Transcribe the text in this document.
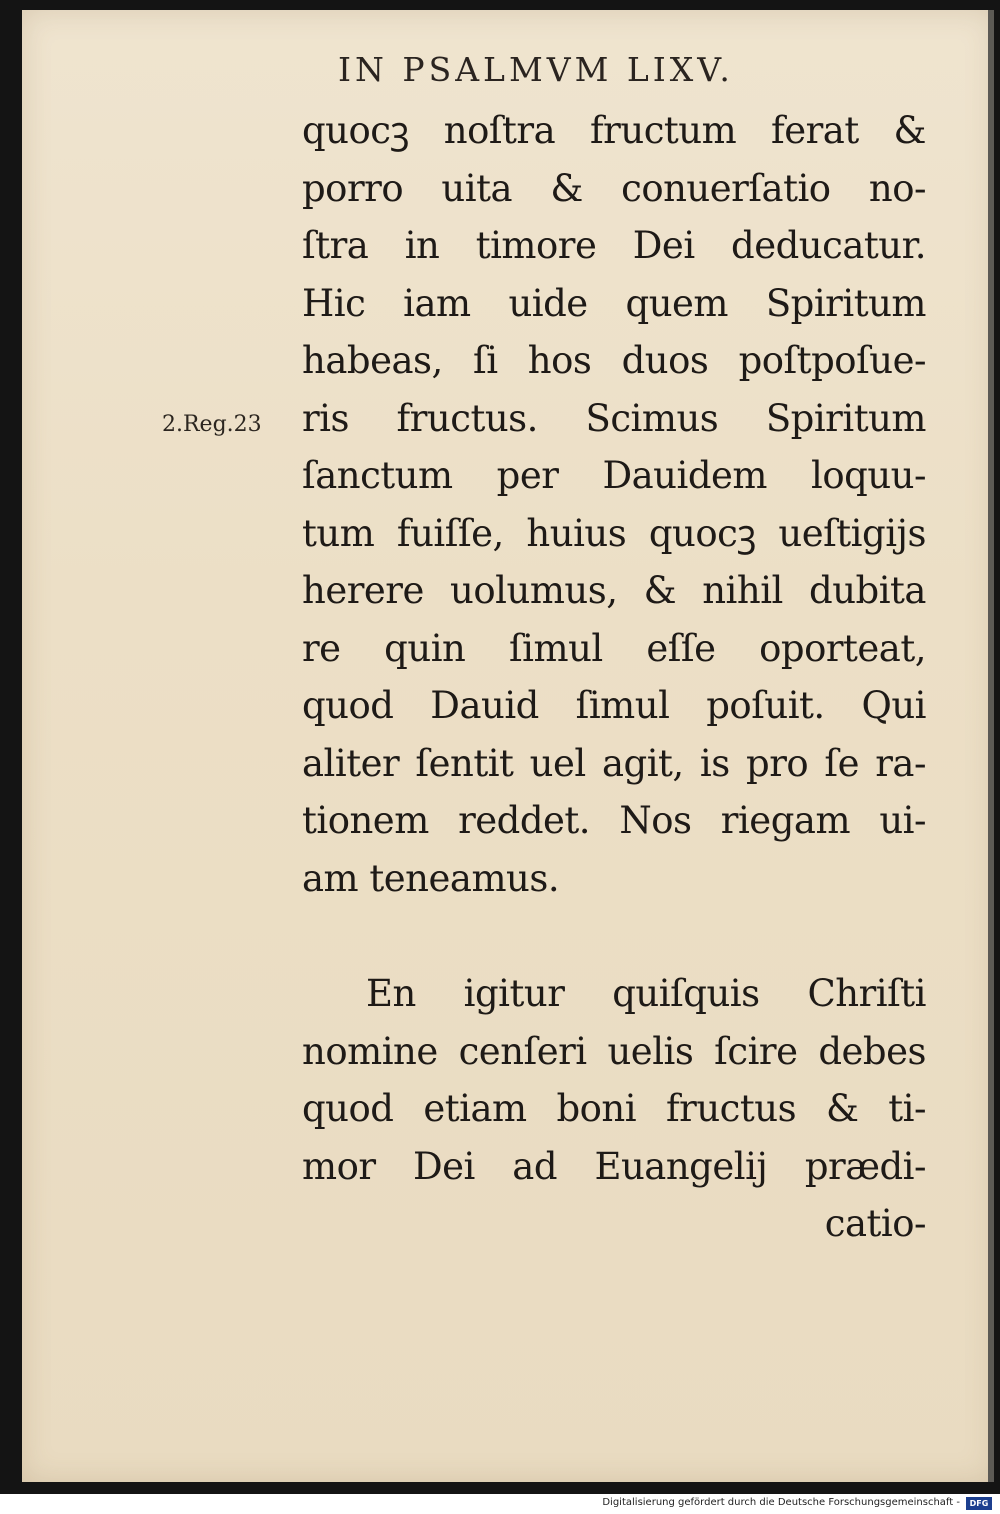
IN PSALMVM LIXV.
2.Reg.23
quocꝫ noſtra fructum ferat &
porro uita & conuerſatio no-
ſtra in timore Dei deducatur.
Hic iam uide quem Spiritum
habeas, ſi hos duos poſtpoſue-
ris fructus. Scimus Spiritum
ſanctum per Dauidem loquu-
tum fuiſſe, huius quocꝫ ueſtigijs
herere uolumus, & nihil dubita
re quin ſimul eſſe oporteat,
quod Dauid ſimul poſuit. Qui
aliter ſentit uel agit, is pro ſe ra-
tionem reddet. Nos riegam ui-
am teneamus.
En igitur quiſquis Chriſti
nomine cenſeri uelis ſcire debes
quod etiam boni fructus & ti-
mor Dei ad Euangelij prædi-
catio-
Digitalisierung gefördert durch die Deutsche Forschungsgemeinschaft -	DFG
